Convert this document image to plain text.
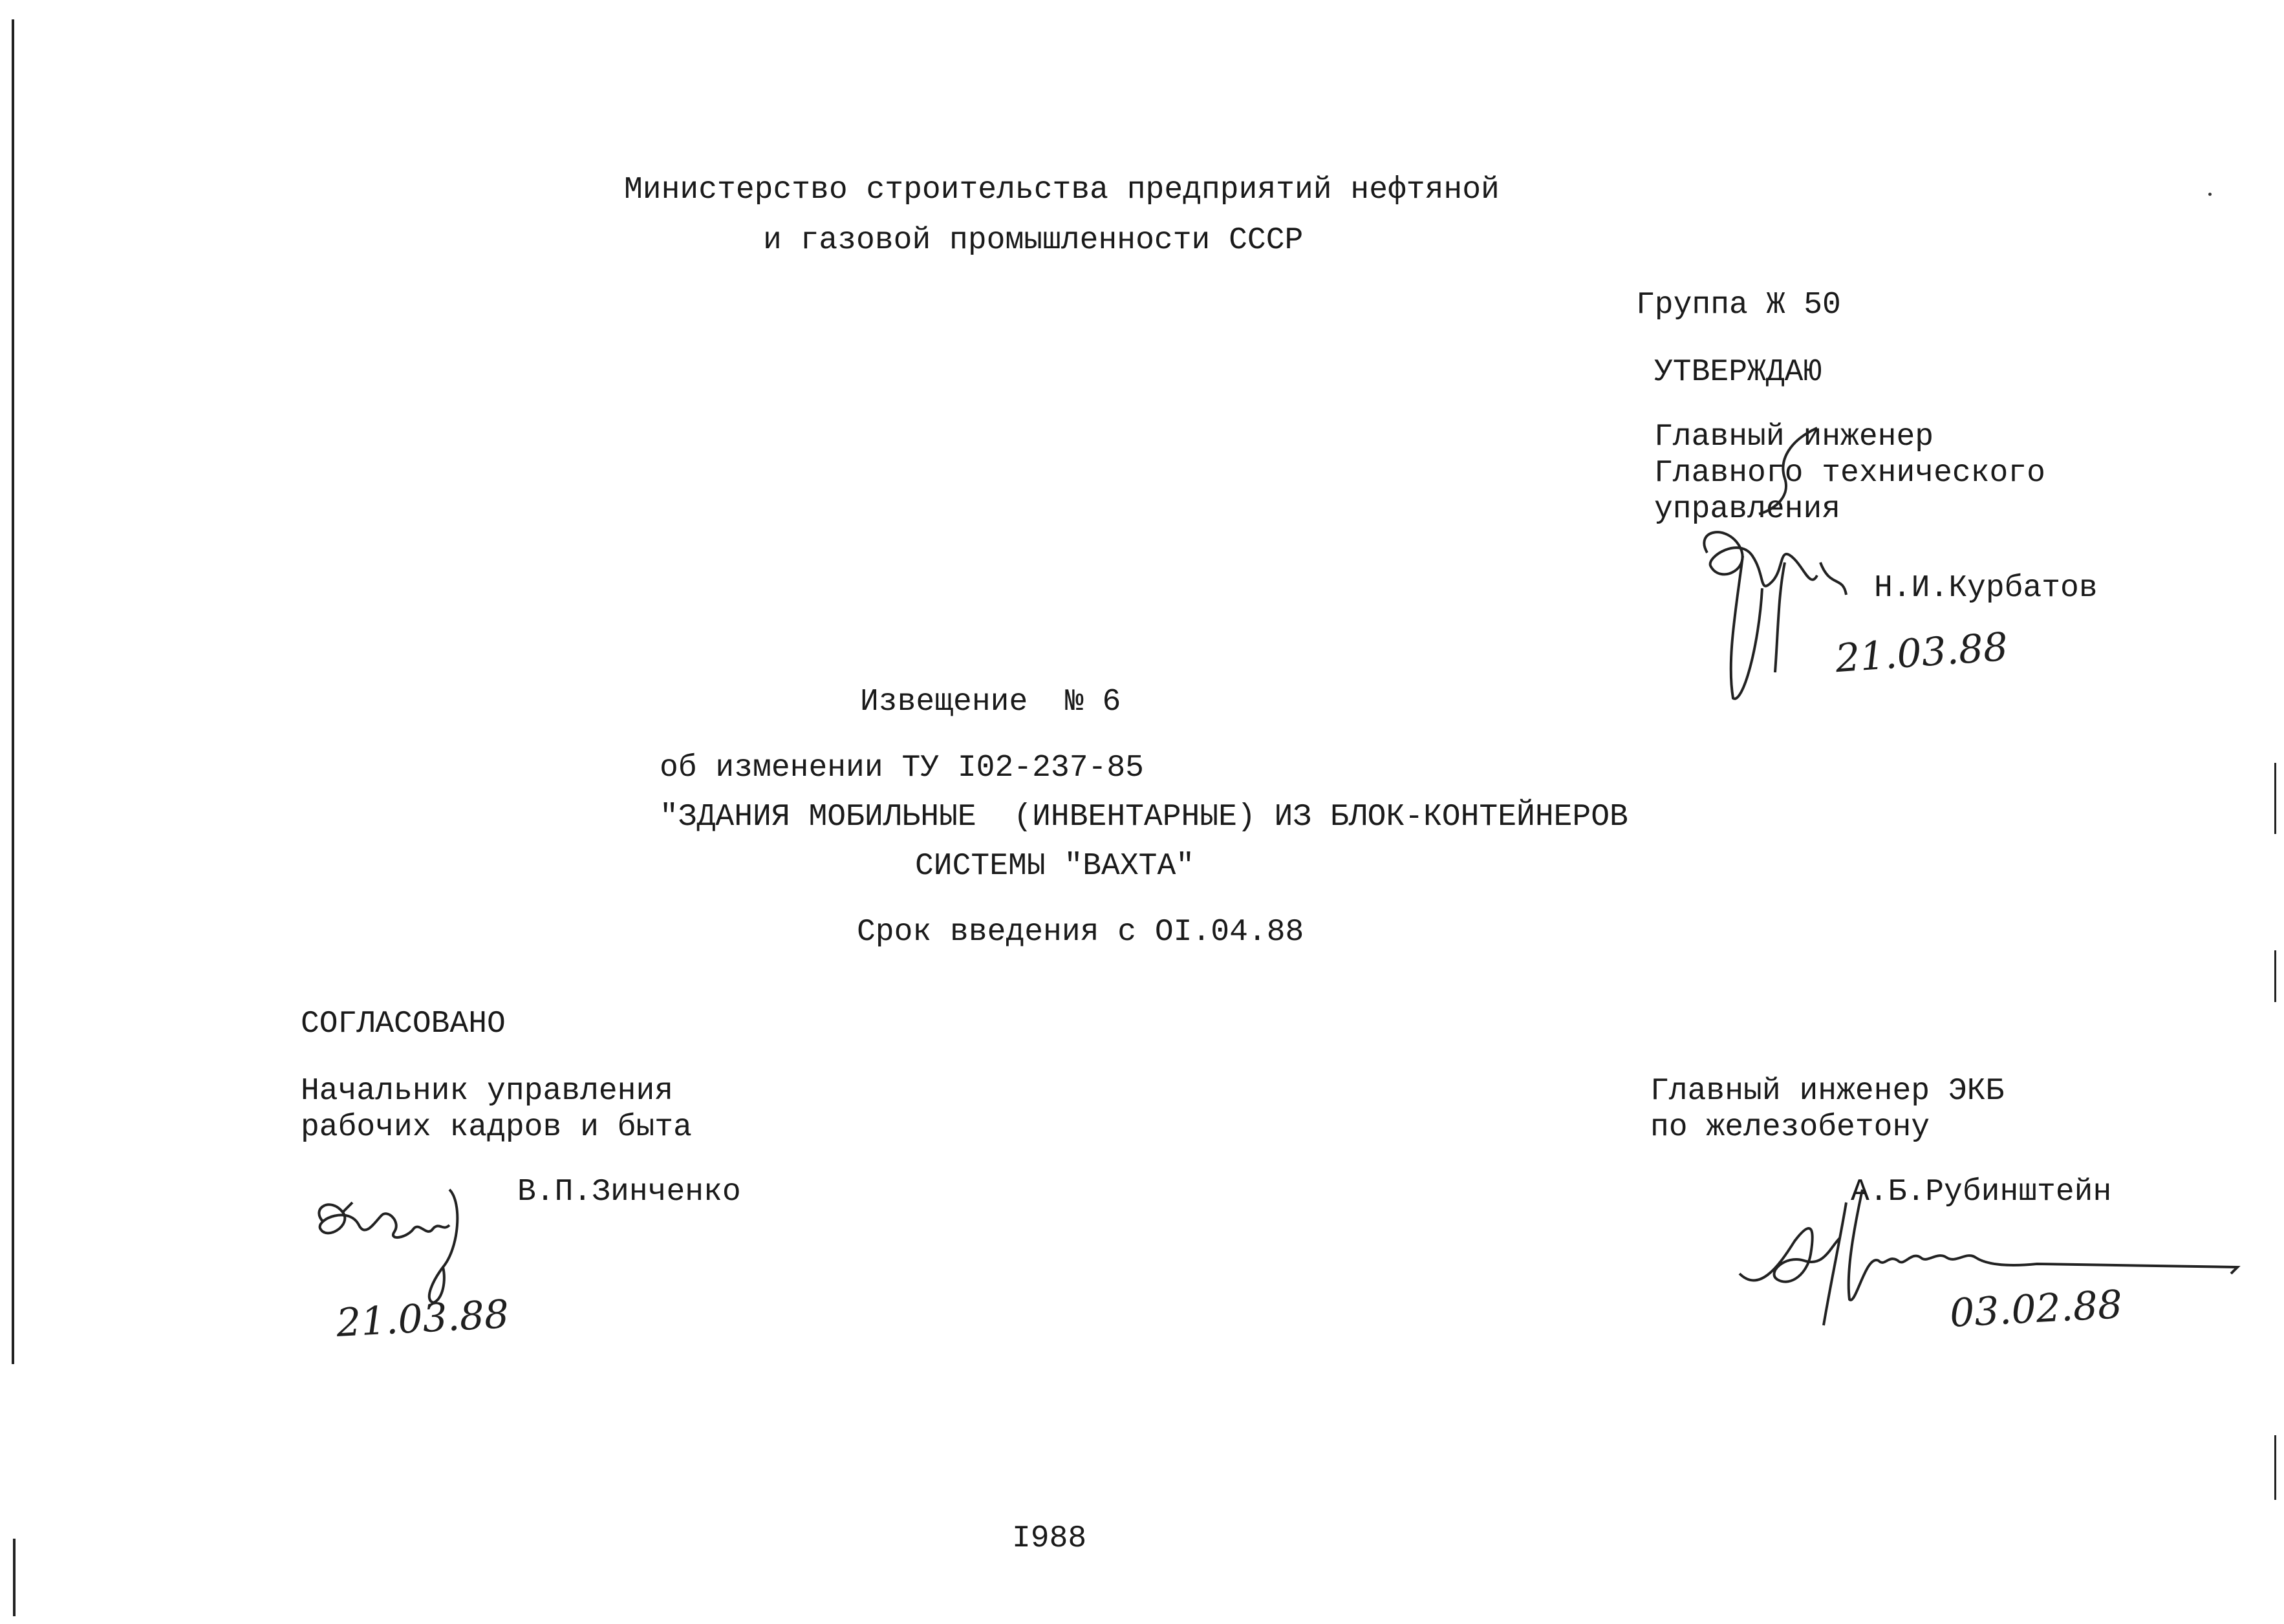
Министерство строительства предприятий нефтяной
и газовой промышленности СССР
Группа Ж 50
УТВЕРЖДАЮ
Главный инженер
Главного технического
управления
Н.И.Курбатов
21.03.88
Извещение  № 6
об изменении ТУ I02-237-85
"ЗДАНИЯ МОБИЛЬНЫЕ  (ИНВЕНТАРНЫЕ) ИЗ БЛОК-КОНТЕЙНЕРОВ
СИСТЕМЫ "ВАХТА"
Срок введения с OI.04.88
СОГЛАСОВАНО
Начальник управления
рабочих кадров и быта
В.П.Зинченко
21.03.88
Главный инженер ЭКБ
по железобетону
А.Б.Рубинштейн
03.02.88
I988
